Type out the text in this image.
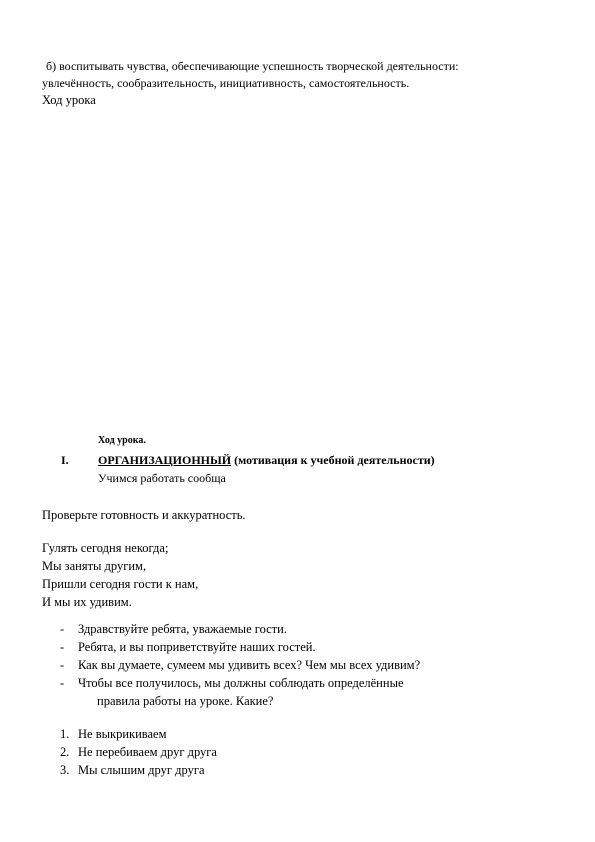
б) воспитывать чувства, обеспечивающие успешность творческой деятельности:
увлечённость, сообразительность, инициативность, самостоятельность.
Ход урока
Ход урока.
I. ОРГАНИЗАЦИОННЫЙ (мотивация к учебной деятельности)
Учимся работать сообща
Проверьте готовность и аккуратность.
Гулять сегодня некогда;
Мы заняты другим,
Пришли сегодня гости к нам,
И мы их удивим.
- Здравствуйте ребята, уважаемые гости.
- Ребята, и вы поприветствуйте наших гостей.
- Как вы думаете, сумеем мы удивить всех? Чем мы всех удивим?
- Чтобы все получилось, мы должны соблюдать определённые
правила работы на уроке. Какие?
1. Не выкрикиваем
2. Не перебиваем друг друга
3. Мы слышим друг друга
